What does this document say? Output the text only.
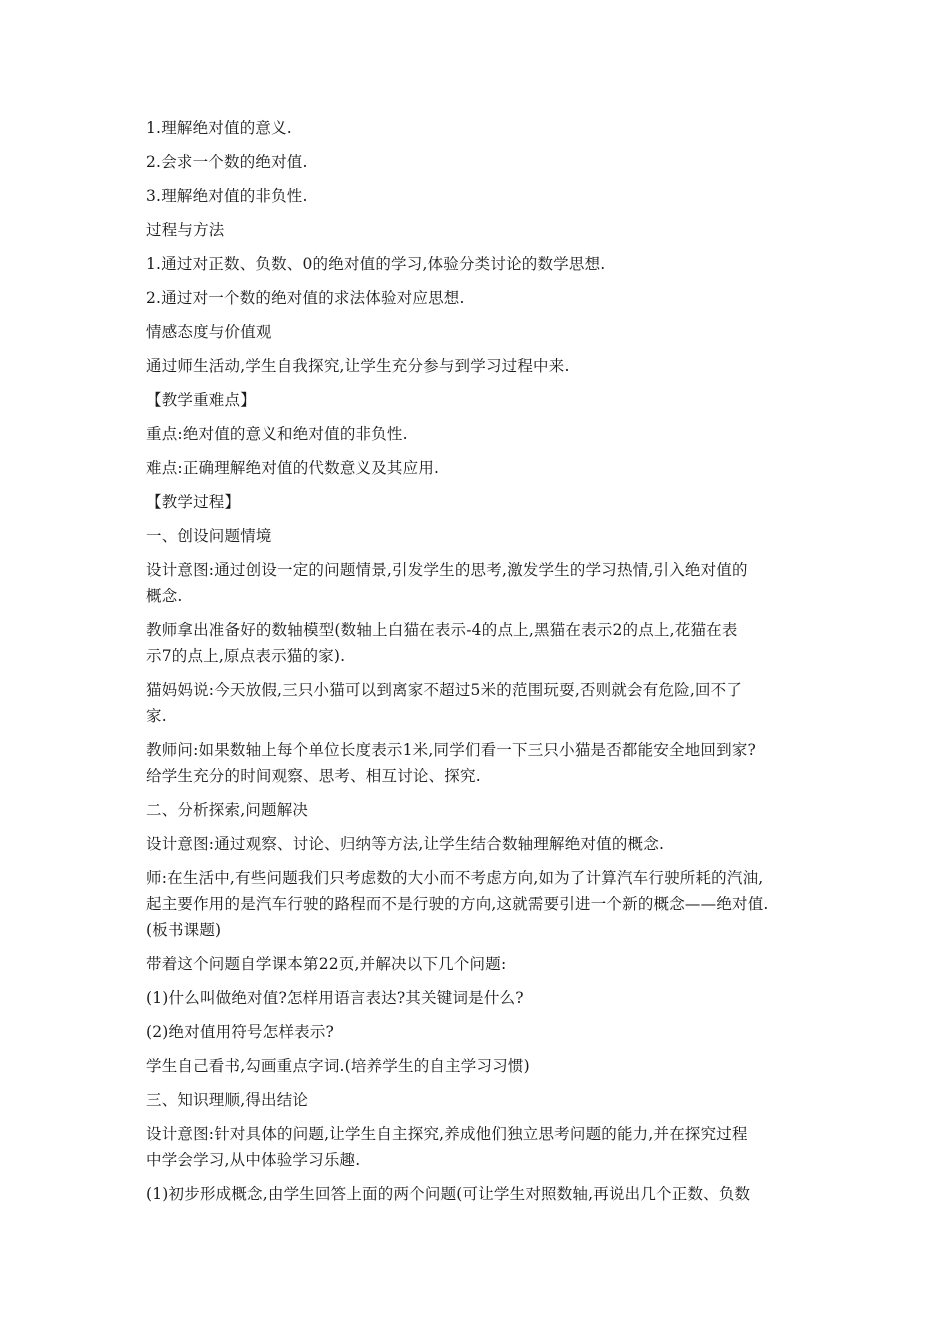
1.理解绝对值的意义.
2.会求一个数的绝对值.
3.理解绝对值的非负性.
过程与方法
1.通过对正数、负数、0的绝对值的学习,体验分类讨论的数学思想.
2.通过对一个数的绝对值的求法体验对应思想.
情感态度与价值观
通过师生活动,学生自我探究,让学生充分参与到学习过程中来.
【教学重难点】
重点:绝对值的意义和绝对值的非负性.
难点:正确理解绝对值的代数意义及其应用.
【教学过程】
一、创设问题情境
设计意图:通过创设一定的问题情景,引发学生的思考,激发学生的学习热情,引入绝对值的
概念.
教师拿出准备好的数轴模型(数轴上白猫在表示-4的点上,黑猫在表示2的点上,花猫在表
示7的点上,原点表示猫的家).
猫妈妈说:今天放假,三只小猫可以到离家不超过5米的范围玩耍,否则就会有危险,回不了
家.
教师问:如果数轴上每个单位长度表示1米,同学们看一下三只小猫是否都能安全地回到家?
给学生充分的时间观察、思考、相互讨论、探究.
二、分析探索,问题解决
设计意图:通过观察、讨论、归纳等方法,让学生结合数轴理解绝对值的概念.
师:在生活中,有些问题我们只考虑数的大小而不考虑方向,如为了计算汽车行驶所耗的汽油,
起主要作用的是汽车行驶的路程而不是行驶的方向,这就需要引进一个新的概念——绝对值.
(板书课题)
带着这个问题自学课本第22页,并解决以下几个问题:
(1)什么叫做绝对值?怎样用语言表达?其关键词是什么?
(2)绝对值用符号怎样表示?
学生自己看书,勾画重点字词.(培养学生的自主学习习惯)
三、知识理顺,得出结论
设计意图:针对具体的问题,让学生自主探究,养成他们独立思考问题的能力,并在探究过程
中学会学习,从中体验学习乐趣.
(1)初步形成概念,由学生回答上面的两个问题(可让学生对照数轴,再说出几个正数、负数
